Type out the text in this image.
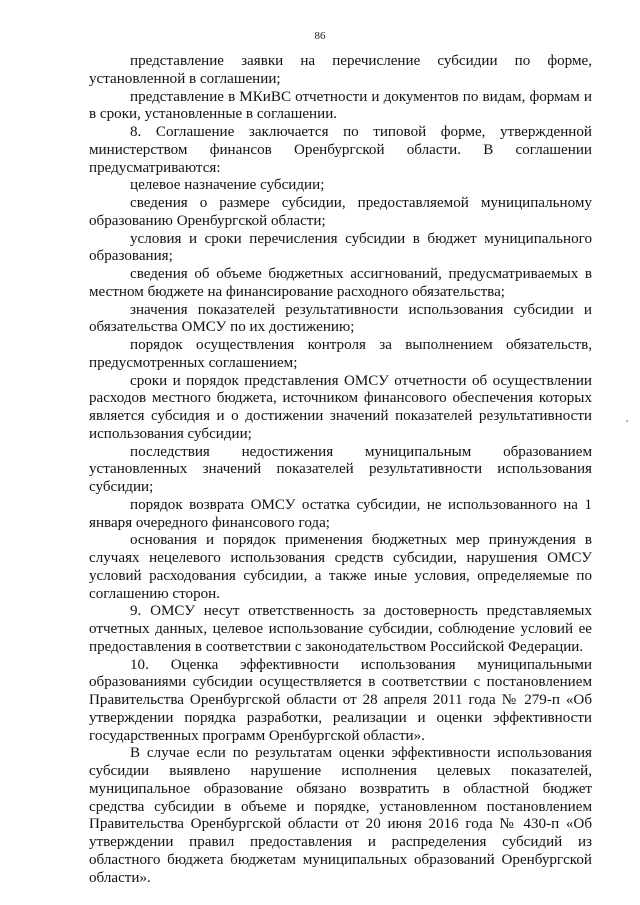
86

представление заявки на перечисление субсидии по форме, установленной в соглашении;

представление в МКиВС отчетности и документов по видам, формам и в сроки, установленные в соглашении.

8. Соглашение заключается по типовой форме, утвержденной министерством финансов Оренбургской области. В соглашении предусматриваются:

целевое назначение субсидии;

сведения о размере субсидии, предоставляемой муниципальному образованию Оренбургской области;

условия и сроки перечисления субсидии в бюджет муниципального образования;

сведения об объеме бюджетных ассигнований, предусматриваемых в местном бюджете на финансирование расходного обязательства;

значения показателей результативности использования субсидии и обязательства ОМСУ по их достижению;

порядок осуществления контроля за выполнением обязательств, предусмотренных соглашением;

сроки и порядок представления ОМСУ отчетности об осуществлении расходов местного бюджета, источником финансового обеспечения которых является субсидия и о достижении значений показателей результативности использования субсидии;

последствия недостижения муниципальным образованием установленных значений показателей результативности использования субсидии;

порядок возврата ОМСУ остатка субсидии, не использованного на 1 января очередного финансового года;

основания и порядок применения бюджетных мер принуждения в случаях нецелевого использования средств субсидии, нарушения ОМСУ условий расходования субсидии, а также иные условия, определяемые по соглашению сторон.

9. ОМСУ несут ответственность за достоверность представляемых отчетных данных, целевое использование субсидии, соблюдение условий ее предоставления в соответствии с законодательством Российской Федерации.

10. Оценка эффективности использования муниципальными образованиями субсидии осуществляется в соответствии с постановлением Правительства Оренбургской области от 28 апреля 2011 года № 279-п «Об утверждении порядка разработки, реализации и оценки эффективности государственных программ Оренбургской области».

В случае если по результатам оценки эффективности использования субсидии выявлено нарушение исполнения целевых показателей, муниципальное образование обязано возвратить в областной бюджет средства субсидии в объеме и порядке, установленном постановлением Правительства Оренбургской области от 20 июня 2016 года № 430-п «Об утверждении правил предоставления и распределения субсидий из областного бюджета бюджетам муниципальных образований Оренбургской области».
